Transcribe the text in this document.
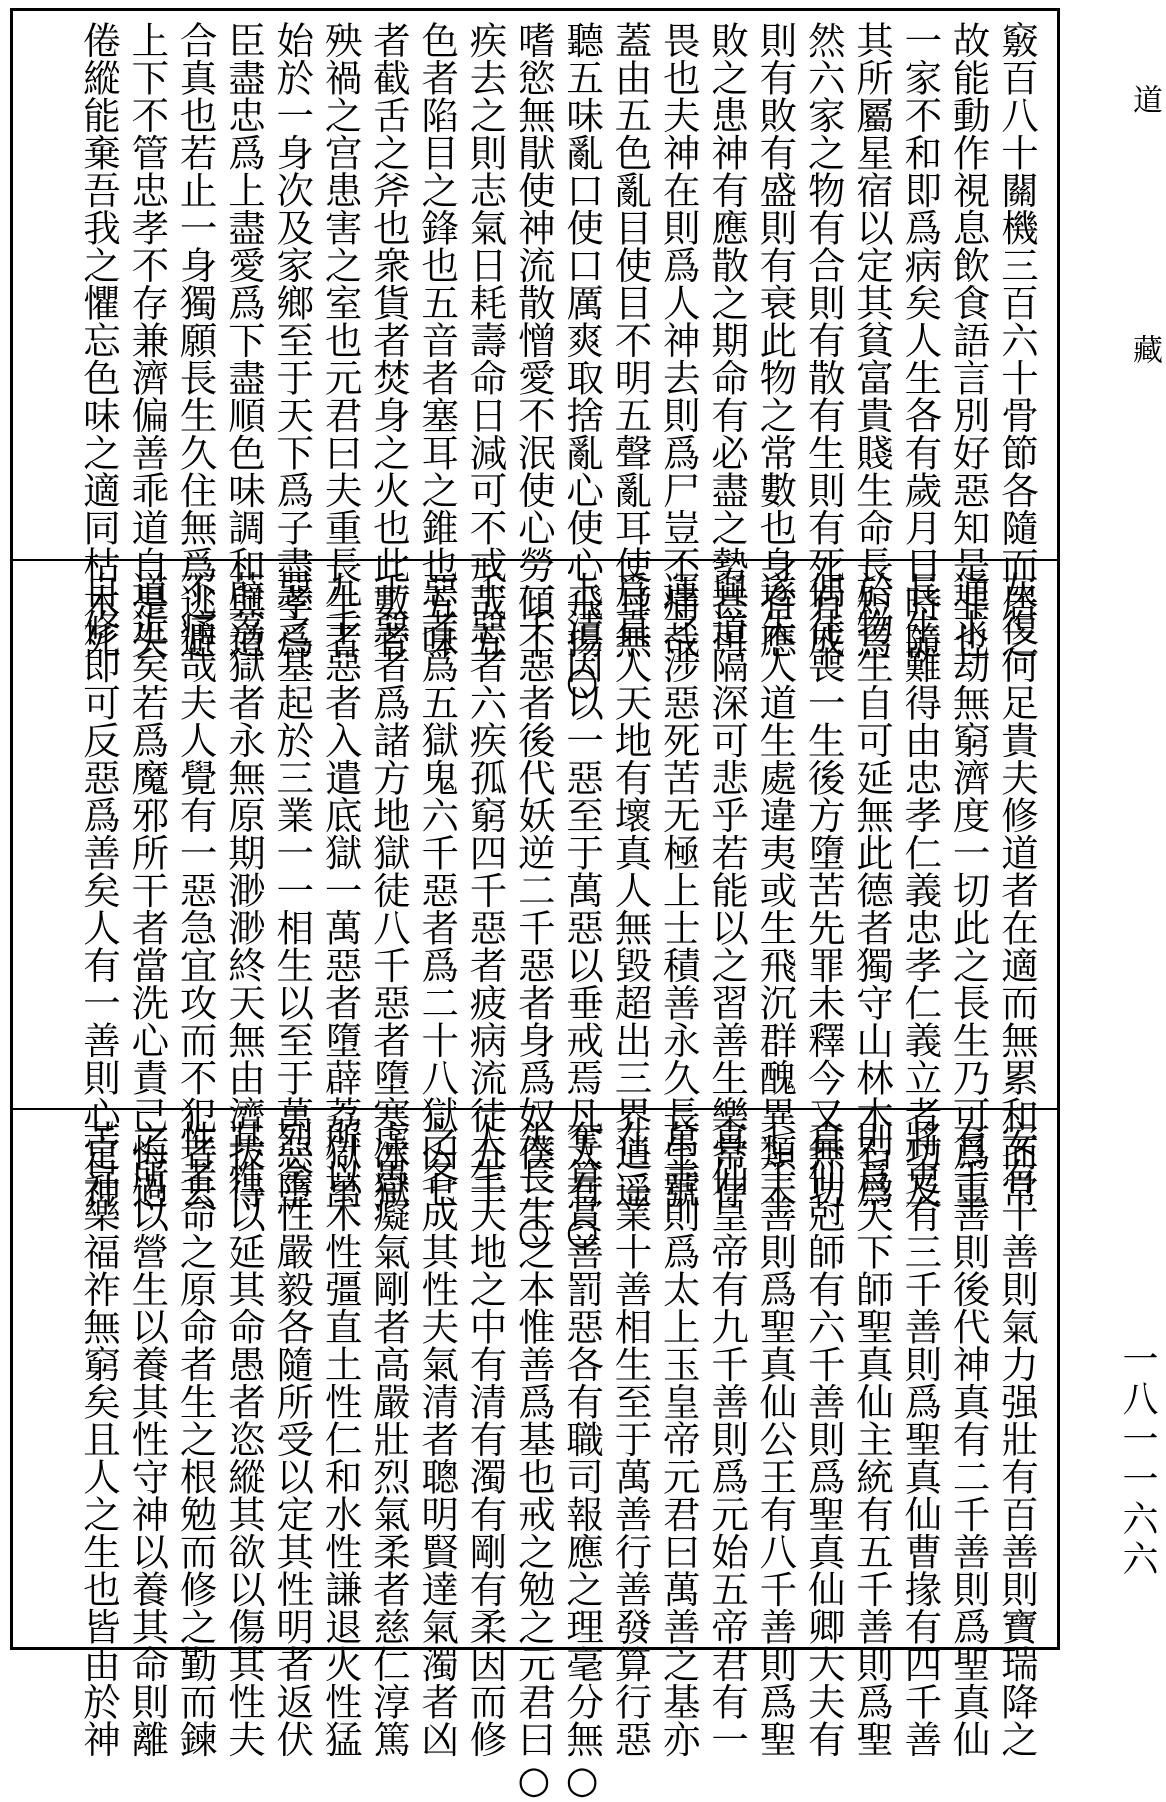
竅百八十關機三百六十骨節各隨而居之
故能動作視息飲食語言別好惡知是非也
一家不和即爲病矣人生各有歲月日時隨
其所屬星宿以定其貧富貴賤生命長短焉
然六家之物有合則有散有生則有死有成
則有敗有盛則有衰此物之常數也身有應
敗之患神有應散之期命有必盡之勢甚可
畏也夫神在則爲人神去則爲尸豈不痛哉
蓋由五色亂目使目不明五聲亂耳使耳無
聽五味亂口使口厲爽取捨亂心使心飛揚○
嗜慾無猒使神流散憎愛不泯使心勞傾不
疾去之則志氣日耗壽命日減可不戒哉五
色者陷目之鋒也五音者塞耳之錐也五味
者截舌之斧也衆貨者焚身之火也此數者
殃禍之宫患害之室也元君曰夫重長生者
始於一身次及家鄉至于天下爲子盡孝爲
臣盡忠爲上盡愛爲下盡順色味調和與道
合真也若止一身獨願長生久住無爲逃避
上下不管忠孝不存兼濟偏善乖道自是失
倦縱能棄吾我之懼忘色味之適同枯木死
灰復何足貴夫修道者在適而無累和而常
通求劫無窮濟度一切此之長生乃可爲重
長生難得由忠孝仁義忠孝仁義立者功及
於物生自可延無此德者獨守山林木石爲
偶徒喪一生後方墮苦先罪未釋今又無功
遂失人道生處違夷或生飛沉群醜異類未
與道隔深可悲乎若能以之習善生樂常存
運之涉惡死苦无極上士積善永久長生號
爲真人天地有壞真人無毀超出三界逍遥
上清因以一惡至于萬惡以垂戒焉凡人有○
一千惡者後代妖逆二千惡者身爲奴僕三○
千惡者六疾孤窮四千惡者疲病流徒五千
惡者爲五獄鬼六千惡者爲二十八獄囚七
千惡者爲諸方地獄徒八千惡者墮寒冰獄
九千惡者入遣底獄一萬惡者墮薜荔獄萬
惡之基起於三業一一相生以至于萬惡墮
薜荔獄者永無原期渺渺終天無由濟拔得
不痛哉夫人覺有一惡急宜攻而不犯者去
道近矣若爲魔邪所干者當洗心責己悔過
自修即可反惡爲善矣人有一善則心定神
安有十善則氣力强壯有百善則寶瑞降之
有千善則後代神真有二千善則爲聖真仙
將吏有三千善則爲聖真仙曹掾有四千善
則爲天下師聖真仙主統有五千善則爲聖
真仙尅師有六千善則爲聖真仙卿大夫有
七千善則爲聖真仙公王有八千善則爲聖
真仙皇帝有九千善則爲元始五帝君有一
萬善則爲太上玉皇帝元君曰萬善之基亦
在三業十善相生至于萬善行善發算行惡
奪算賞善罰惡各有職司報應之理毫分無○
失長生之本惟善爲基也戒之勉之元君曰○
人生天地之中有清有濁有剛有柔因而修
之各成其性夫氣清者聰明賢達氣濁者凶
虐愚癡氣剛者高嚴壯烈氣柔者慈仁淳篤
所以木性彊直土性仁和水性謙退火性猛
烈金性嚴毅各隨所受以定其性明者返伏
其性以延其命愚者恣縱其欲以傷其性夫
性者命之原命者生之根勉而修之勤而鍊
之所以營生以養其性守神以養其命則離
苦昇樂福祚無窮矣且人之生也皆由於神
道藏
一八一一六六
